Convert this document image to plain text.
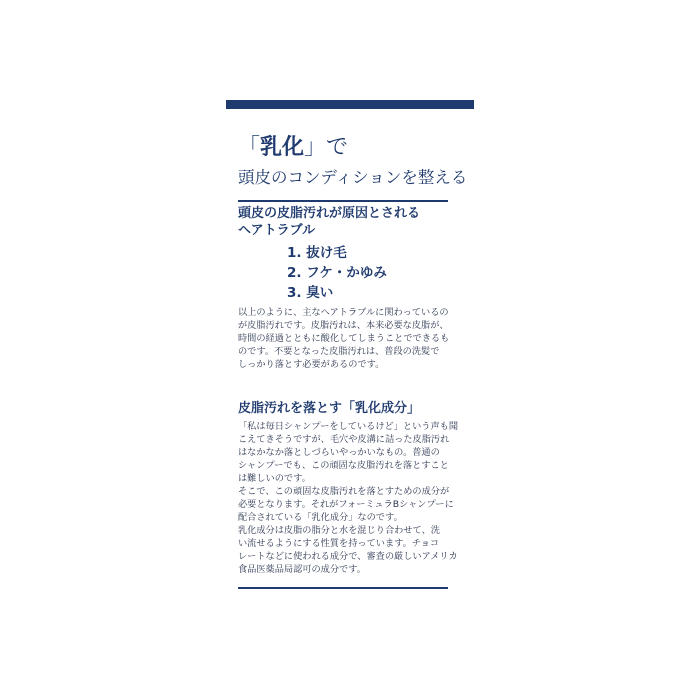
「乳化」で
頭皮のコンディションを整える
頭皮の皮脂汚れが原因とされる
ヘアトラブル
1. 抜け毛
2. フケ・かゆみ
3. 臭い
以上のように、主なヘアトラブルに関わっているの
が皮脂汚れです。皮脂汚れは、本来必要な皮脂が、
時間の経過とともに酸化してしまうことでできるも
のです。不要となった皮脂汚れは、普段の洗髪で
しっかり落とす必要があるのです。
皮脂汚れを落とす「乳化成分」
「私は毎日シャンプーをしているけど」という声も聞
こえてきそうですが、毛穴や皮溝に詰った皮脂汚れ
はなかなか落としづらいやっかいなもの。普通の
シャンプーでも、この頑固な皮脂汚れを落とすこと
は難しいのです。
そこで、この頑固な皮脂汚れを落とすための成分が
必要となります。それがフォーミュラBシャンプーに
配合されている「乳化成分」なのです。
乳化成分は皮脂の脂分と水を混じり合わせて、洗
い流せるようにする性質を持っています。チョコ
レートなどに使われる成分で、審査の厳しいアメリカ
食品医薬品局認可の成分です。
